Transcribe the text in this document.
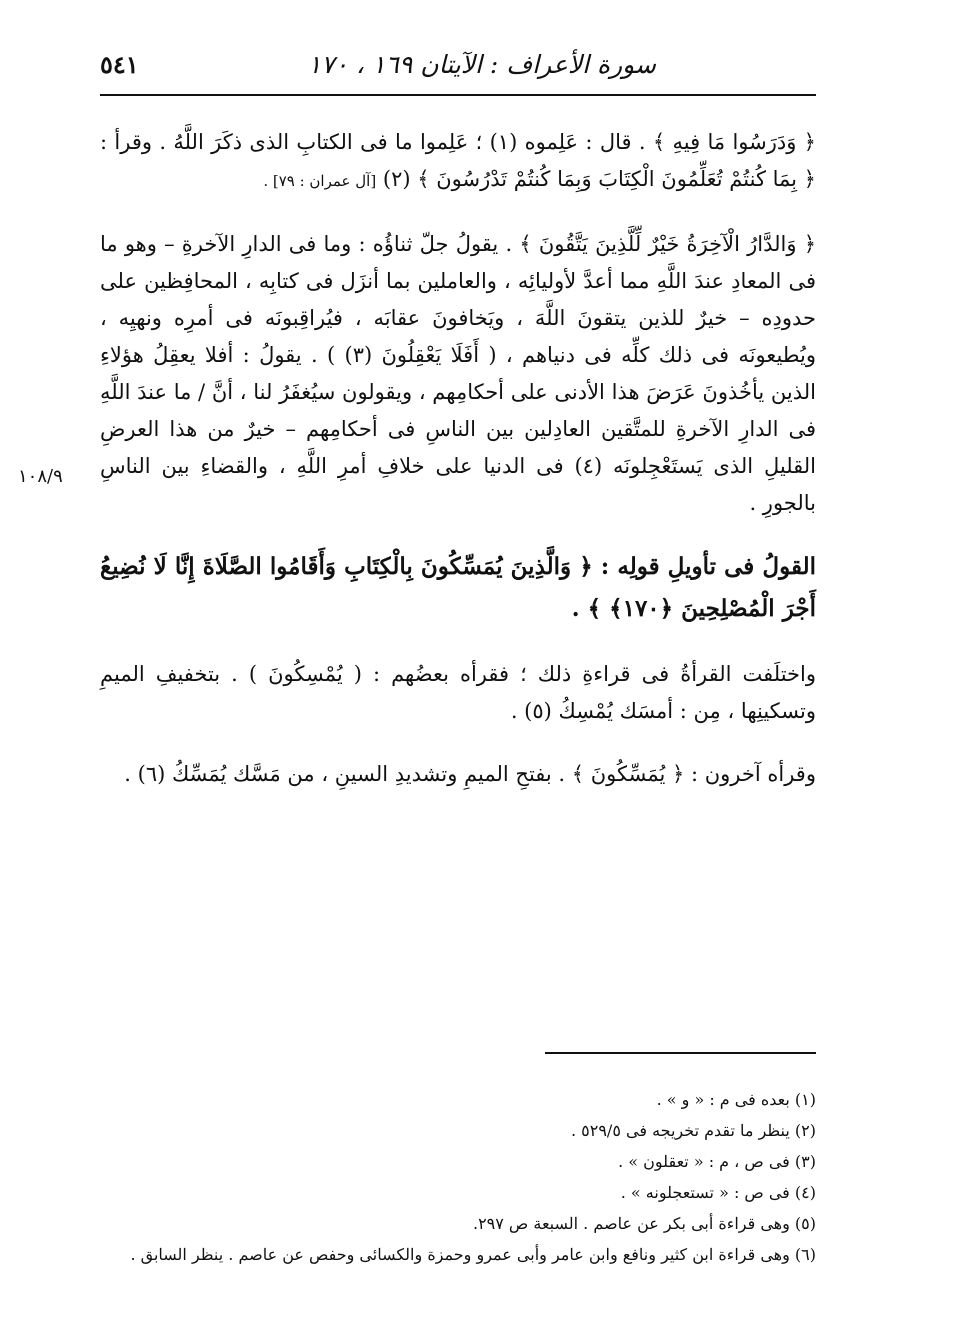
٥٤١	سورة الأعراف : الآيتان ١٦٩ ، ١٧٠
١٠٨/٩

﴿ وَدَرَسُوا مَا فِيهِ ﴾ . قال : عَلِموه (١) ؛ عَلِموا ما فى الكتابِ الذى ذكَرَ اللَّهُ . وقرأ : ﴿ بِمَا كُنتُمْ تُعَلِّمُونَ الْكِتَابَ وَبِمَا كُنتُمْ تَدْرُسُونَ ﴾ (٢) [آل عمران : ٧٩] .

﴿ وَالدَّارُ الْآخِرَةُ خَيْرٌ لِّلَّذِينَ يَتَّقُونَ ﴾ . يقولُ جلّ ثناؤُه : وما فى الدارِ الآخرةِ – وهو ما فى المعادِ عندَ اللَّهِ مما أعدَّ لأوليائِه ، والعاملين بما أنزَل فى كتابِه ، المحافِظين على حدودِه – خيرٌ للذين يتقونَ اللَّهَ ، ويَخافونَ عقابَه ، فيُراقِبونَه فى أمرِه ونهيِه ، ويُطيعونَه فى ذلك كلِّه فى دنياهم ، ( أَفَلَا يَعْقِلُونَ (٣) ) . يقولُ : أفلا يعقِلُ هؤلاءِ الذين يأخُذونَ عَرَضَ هذا الأدنى على أحكامِهم ، ويقولون سيُغفَرُ لنا ، أنَّ / ما عندَ اللَّهِ فى الدارِ الآخرةِ للمتَّقين العادِلين بين الناسِ فى أحكامِهم – خيرٌ من هذا العرضِ القليلِ الذى يَستَعْجِلونَه (٤) فى الدنيا على خلافِ أمرِ اللَّهِ ، والقضاءِ بين الناسِ بالجورِ .

القولُ فى تأويلِ قولِه : ﴿ وَالَّذِينَ يُمَسِّكُونَ بِالْكِتَابِ وَأَقَامُوا الصَّلَاةَ إِنَّا لَا نُضِيعُ أَجْرَ الْمُصْلِحِينَ ﴿١٧٠﴾ ﴾ .

واختلَفت القرأةُ فى قراءةِ ذلك ؛ فقرأه بعضُهم : ( يُمْسِكُونَ ) . بتخفيفِ الميمِ وتسكينِها ، مِن : أمسَك يُمْسِكُ (٥) .

وقرأه آخرون : ﴿ يُمَسِّكُونَ ﴾ . بفتحِ الميمِ وتشديدِ السينِ ، من مَسَّك يُمَسِّكُ (٦) .

(١) بعده فى م : « و » .
(٢) ينظر ما تقدم تخريجه فى ٥٢٩/٥ .
(٣) فى ص ، م : « تعقلون » .
(٤) فى ص : « تستعجلونه » .
(٥) وهى قراءة أبى بكر عن عاصم . السبعة ص ٢٩٧.
(٦) وهى قراءة ابن كثير ونافع وابن عامر وأبى عمرو وحمزة والكسائى وحفص عن عاصم . ينظر السابق .
